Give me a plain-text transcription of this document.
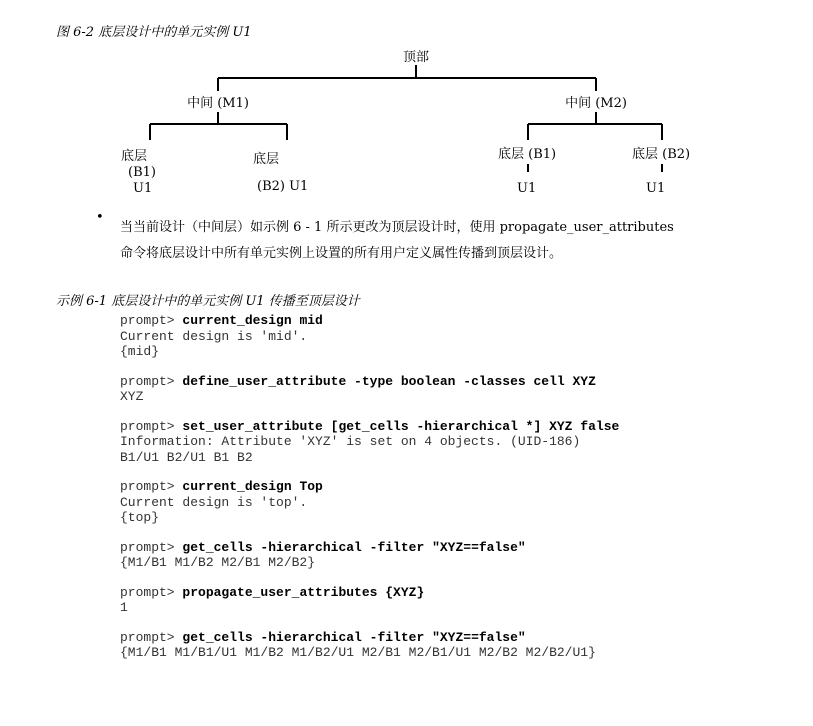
图 6-2 底层设计中的单元实例 U1
顶部
中间 (M1)	中间 (M2)
底层
(B1)
U1
底层
(B2) U1
底层 (B1)
U1
底层 (B2)
U1
•
当当前设计（中间层）如示例 6 - 1 所示更改为顶层设计时，使用 propagate_user_attributes
命令将底层设计中所有单元实例上设置的所有用户定义属性传播到顶层设计。
示例 6-1 底层设计中的单元实例 U1 传播至顶层设计
prompt> current_design mid
Current design is 'mid'.
{mid}
prompt> define_user_attribute -type boolean -classes cell XYZ
XYZ
prompt> set_user_attribute [get_cells -hierarchical *] XYZ false
Information: Attribute 'XYZ' is set on 4 objects. (UID-186)
B1/U1 B2/U1 B1 B2
prompt> current_design Top
Current design is 'top'.
{top}
prompt> get_cells -hierarchical -filter "XYZ==false"
{M1/B1 M1/B2 M2/B1 M2/B2}
prompt> propagate_user_attributes {XYZ}
1
prompt> get_cells -hierarchical -filter "XYZ==false"
{M1/B1 M1/B1/U1 M1/B2 M1/B2/U1 M2/B1 M2/B1/U1 M2/B2 M2/B2/U1}
